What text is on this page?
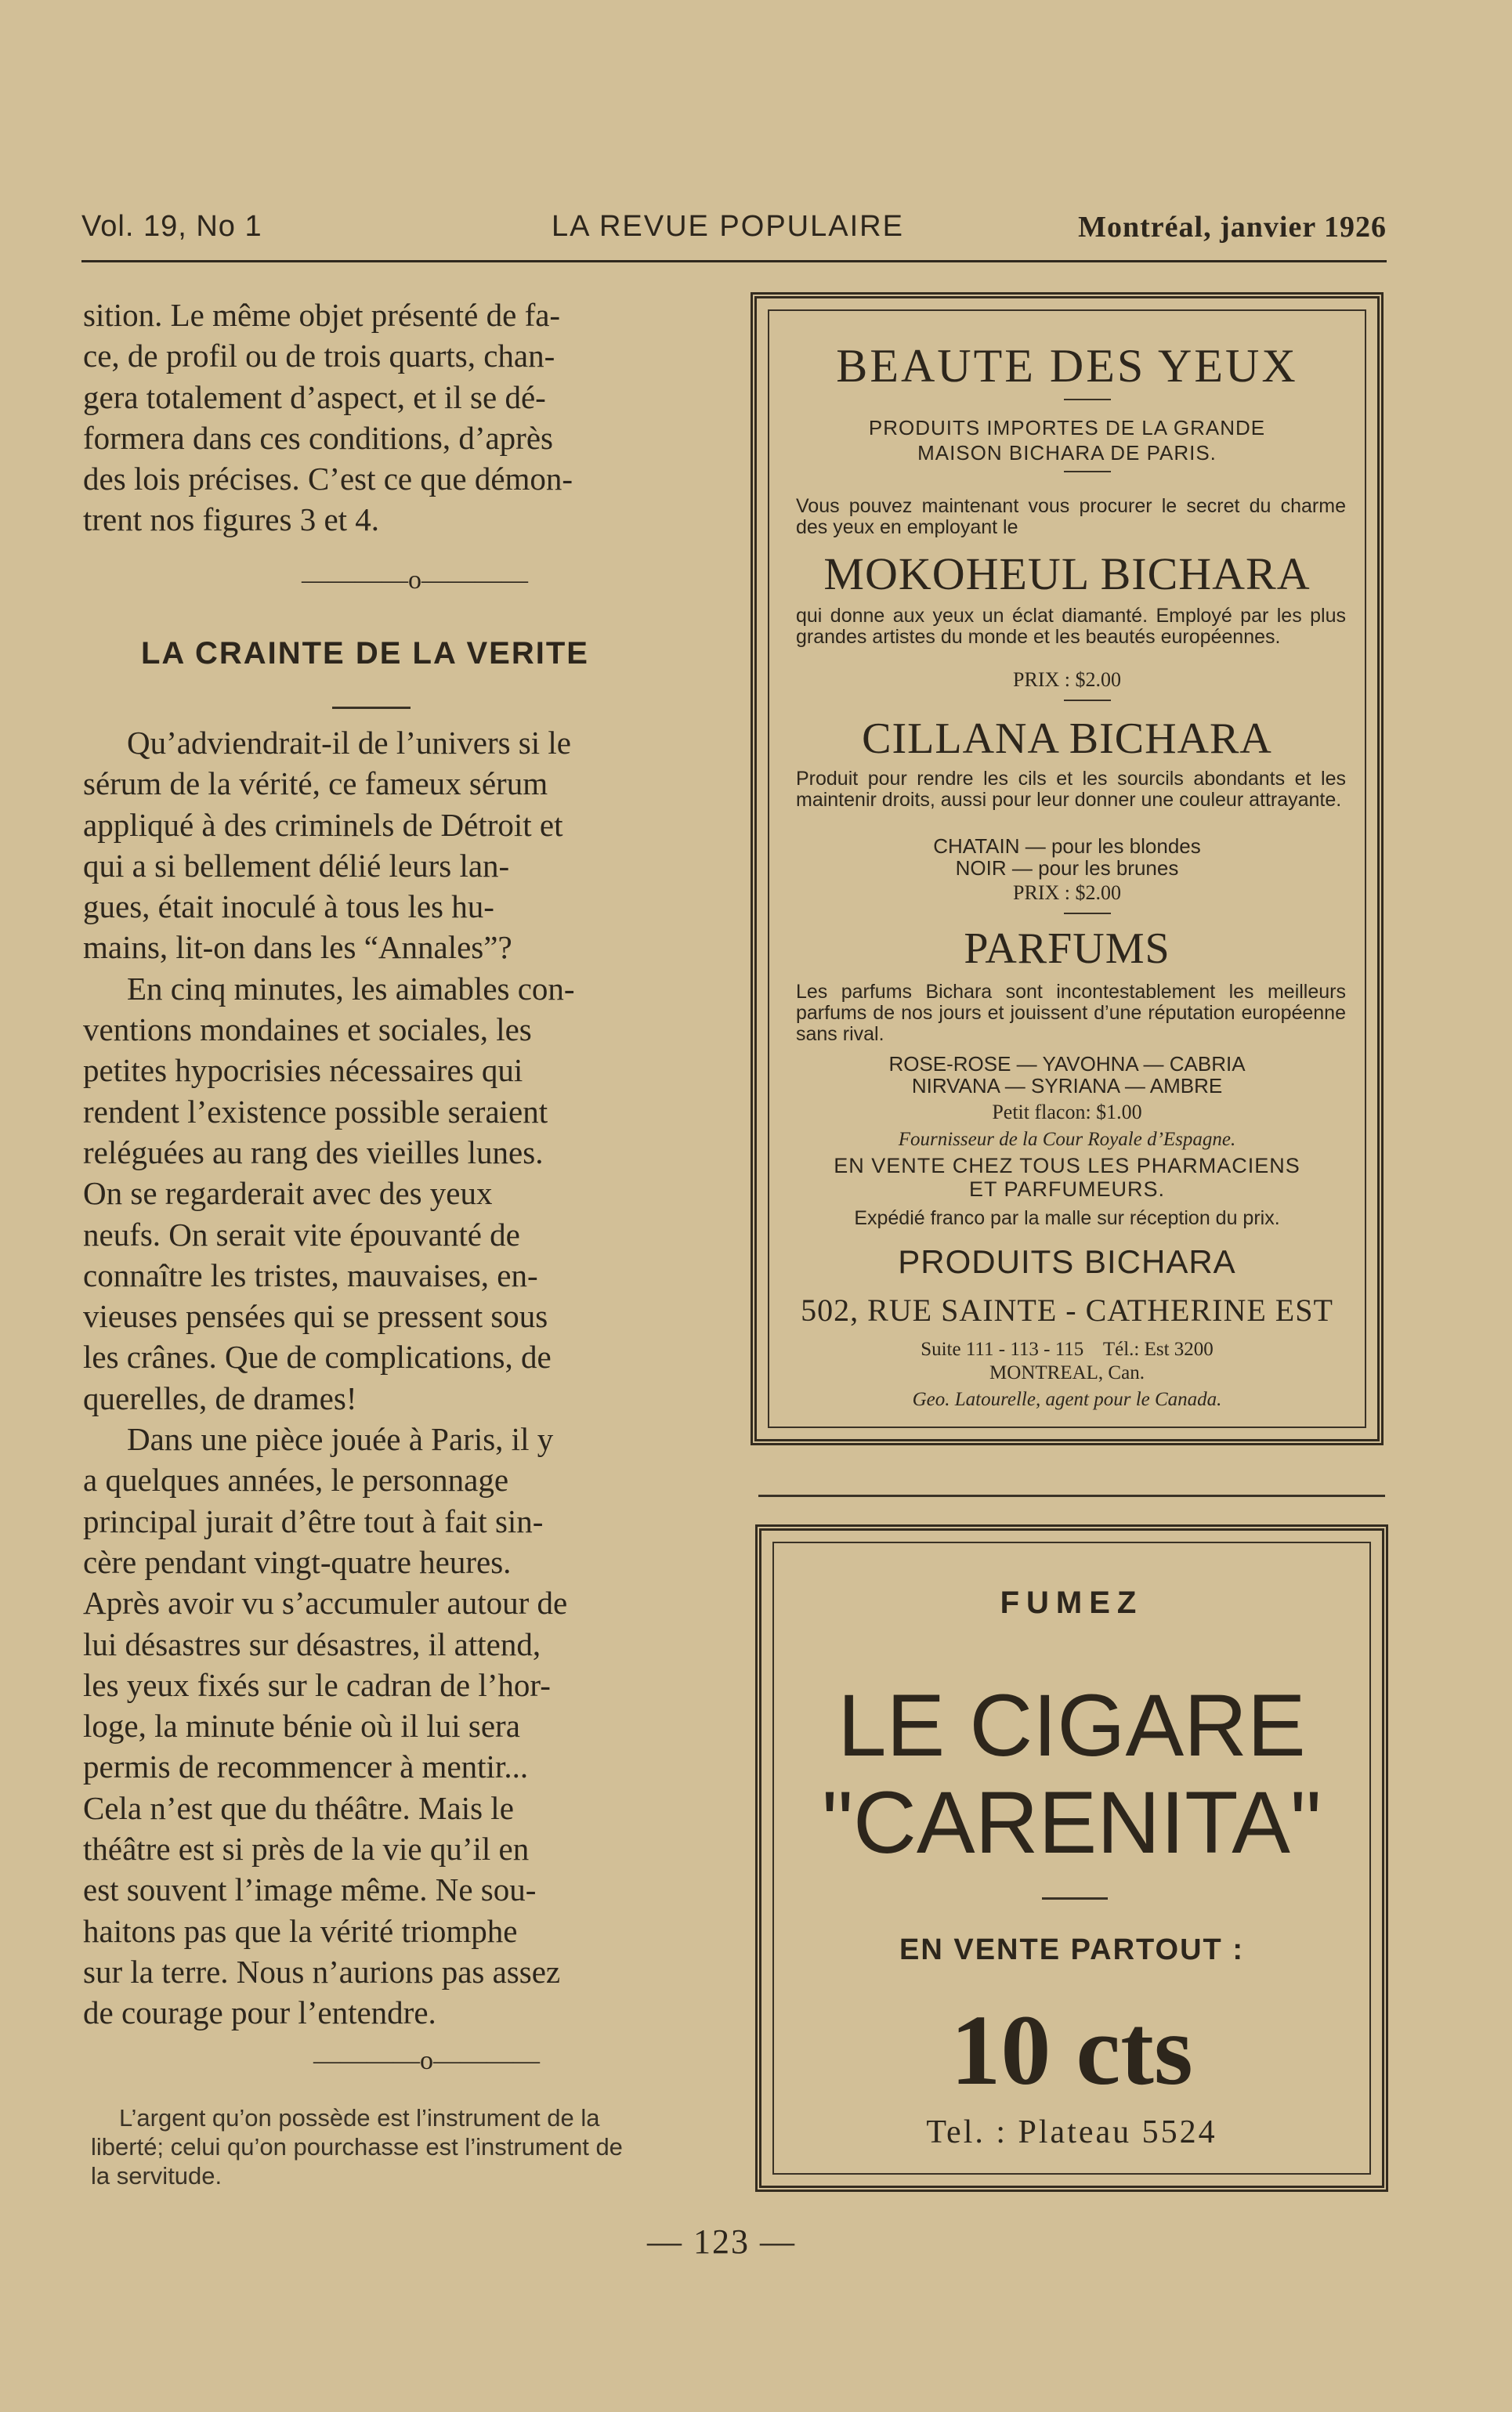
Vol. 19, No 1	LA REVUE POPULAIRE	Montréal, janvier 1926

sition. Le même objet présenté de fa-

ce, de profil ou de trois quarts, chan-

gera totalement d’aspect, et il se dé-

formera dans ces conditions, d’après

des lois précises. C’est ce que démon-

trent nos figures 3 et 4.

————o————
LA CRAINTE DE LA VERITE

Qu’adviendrait-il de l’univers si le

sérum de la vérité, ce fameux sérum

appliqué à des criminels de Détroit et

qui a si bellement délié leurs lan-

gues, était inoculé à tous les hu-

mains, lit-on dans les “Annales”?

En cinq minutes, les aimables con-

ventions mondaines et sociales, les

petites hypocrisies nécessaires qui

rendent l’existence possible seraient

reléguées au rang des vieilles lunes.

On se regarderait avec des yeux

neufs. On serait vite épouvanté de

connaître les tristes, mauvaises, en-

vieuses pensées qui se pressent sous

les crânes. Que de complications, de

querelles, de drames!

Dans une pièce jouée à Paris, il y

a quelques années, le personnage

principal jurait d’être tout à fait sin-

cère pendant vingt-quatre heures.

Après avoir vu s’accumuler autour de

lui désastres sur désastres, il attend,

les yeux fixés sur le cadran de l’hor-

loge, la minute bénie où il lui sera

permis de recommencer à mentir...

Cela n’est que du théâtre. Mais le

théâtre est si près de la vie qu’il en

est souvent l’image même. Ne sou-

haitons pas que la vérité triomphe

sur la terre. Nous n’aurions pas assez

de courage pour l’entendre.

————o————
L’argent qu’on possède est l’instrument de la
liberté; celui qu’on pourchasse est l’instrument de
la servitude.
BEAUTE DES YEUX
PRODUITS IMPORTES DE LA GRANDE
MAISON BICHARA DE PARIS.
Vous pouvez maintenant vous procurer le secret du charme des yeux en employant le
MOKOHEUL BICHARA
qui donne aux yeux un éclat diamanté. Employé par les plus grandes artistes du monde et les beautés européennes.
PRIX : $2.00
CILLANA BICHARA
Produit pour rendre les cils et les sourcils abondants et les maintenir droits, aussi pour leur donner une couleur attrayante.
CHATAIN — pour les blondes
NOIR — pour les brunes
PRIX : $2.00
PARFUMS
Les parfums Bichara sont incontestablement les meilleurs parfums de nos jours et jouissent d’une réputation européenne sans rival.
ROSE-ROSE — YAVOHNA — CABRIA
NIRVANA — SYRIANA — AMBRE
Petit flacon: $1.00
Fournisseur de la Cour Royale d’Espagne.
EN VENTE CHEZ TOUS LES PHARMACIENS
ET PARFUMEURS.
Expédié franco par la malle sur réception du prix.
PRODUITS BICHARA
502, RUE SAINTE - CATHERINE EST
Suite 111 - 113 - 115    Tél.: Est 3200
MONTREAL, Can.
Geo. Latourelle, agent pour le Canada.
FUMEZ
LE CIGARE
"CARENITA"
EN VENTE PARTOUT :
10 cts
Tel. : Plateau 5524
— 123 —
